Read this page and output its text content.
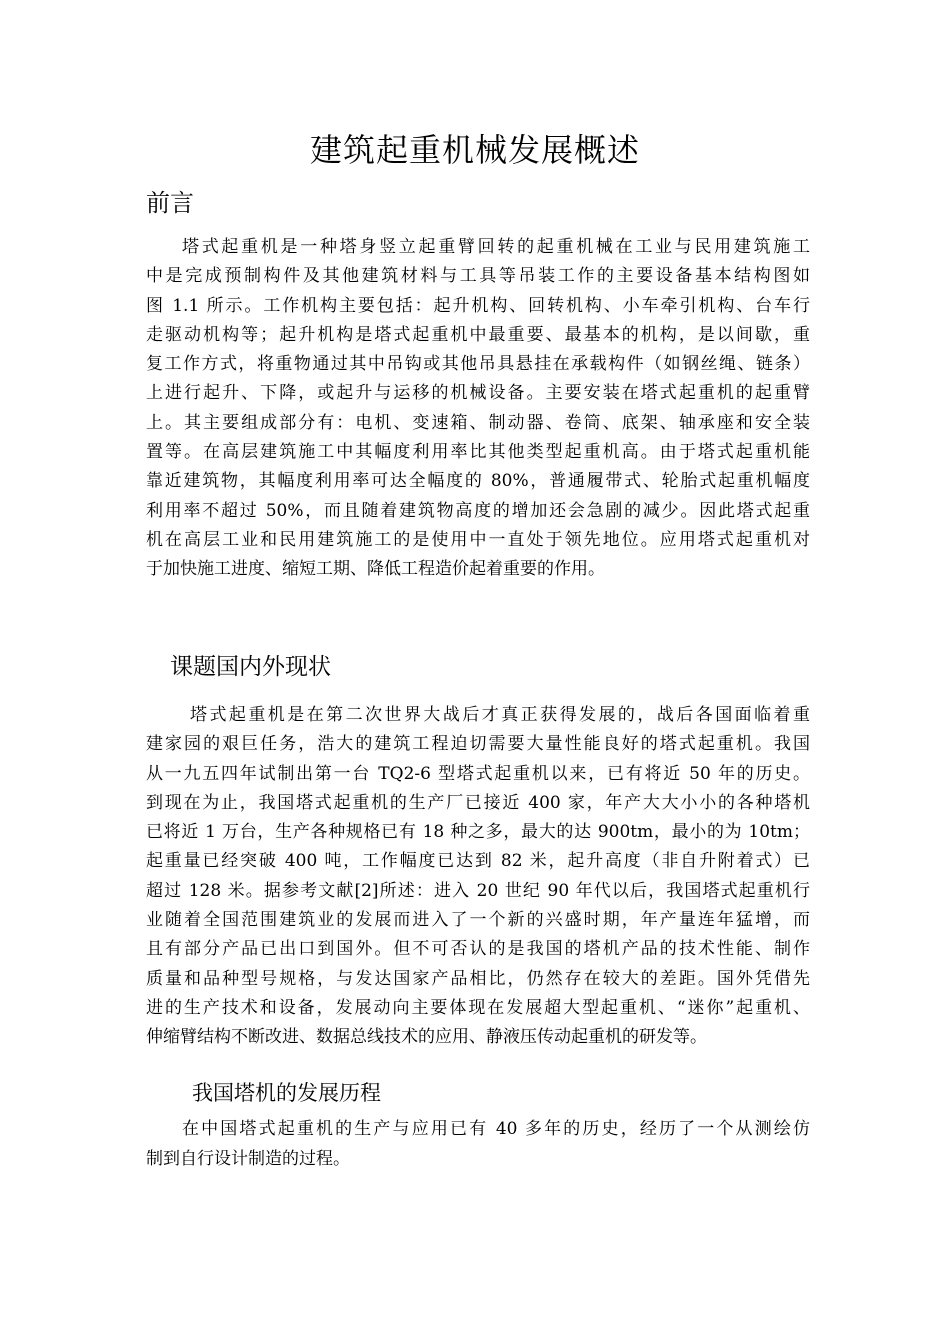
建筑起重机械发展概述
前言
塔式起重机是一种塔身竖立起重臂回转的起重机械在工业与民用建筑施工
中是完成预制构件及其他建筑材料与工具等吊装工作的主要设备基本结构图如
图 1.1 所示。工作机构主要包括：起升机构、回转机构、小车牵引机构、台车行
走驱动机构等；起升机构是塔式起重机中最重要、最基本的机构，是以间歇，重
复工作方式，将重物通过其中吊钩或其他吊具悬挂在承载构件（如钢丝绳、链条）
上进行起升、下降，或起升与运移的机械设备。主要安装在塔式起重机的起重臂
上。其主要组成部分有：电机、变速箱、制动器、卷筒、底架、轴承座和安全装
置等。在高层建筑施工中其幅度利用率比其他类型起重机高。由于塔式起重机能
靠近建筑物，其幅度利用率可达全幅度的 80%，普通履带式、轮胎式起重机幅度
利用率不超过 50%，而且随着建筑物高度的增加还会急剧的减少。因此塔式起重
机在高层工业和民用建筑施工的是使用中一直处于领先地位。应用塔式起重机对
于加快施工进度、缩短工期、降低工程造价起着重要的作用。
课题国内外现状
塔式起重机是在第二次世界大战后才真正获得发展的，战后各国面临着重
建家园的艰巨任务，浩大的建筑工程迫切需要大量性能良好的塔式起重机。我国
从一九五四年试制出第一台 TQ2-6 型塔式起重机以来，已有将近 50 年的历史。
到现在为止，我国塔式起重机的生产厂已接近 400 家，年产大大小小的各种塔机
已将近 1 万台，生产各种规格已有 18 种之多，最大的达 900tm，最小的为 10tm；
起重量已经突破 400 吨，工作幅度已达到 82 米，起升高度（非自升附着式）已
超过 128 米。据参考文献[2]所述：进入 20 世纪 90 年代以后，我国塔式起重机行
业随着全国范围建筑业的发展而进入了一个新的兴盛时期，年产量连年猛增，而
且有部分产品已出口到国外。但不可否认的是我国的塔机产品的技术性能、制作
质量和品种型号规格，与发达国家产品相比，仍然存在较大的差距。国外凭借先
进的生产技术和设备，发展动向主要体现在发展超大型起重机、“迷你”起重机、
伸缩臂结构不断改进、数据总线技术的应用、静液压传动起重机的研发等。
我国塔机的发展历程
在中国塔式起重机的生产与应用已有 40 多年的历史，经历了一个从测绘仿
制到自行设计制造的过程。
